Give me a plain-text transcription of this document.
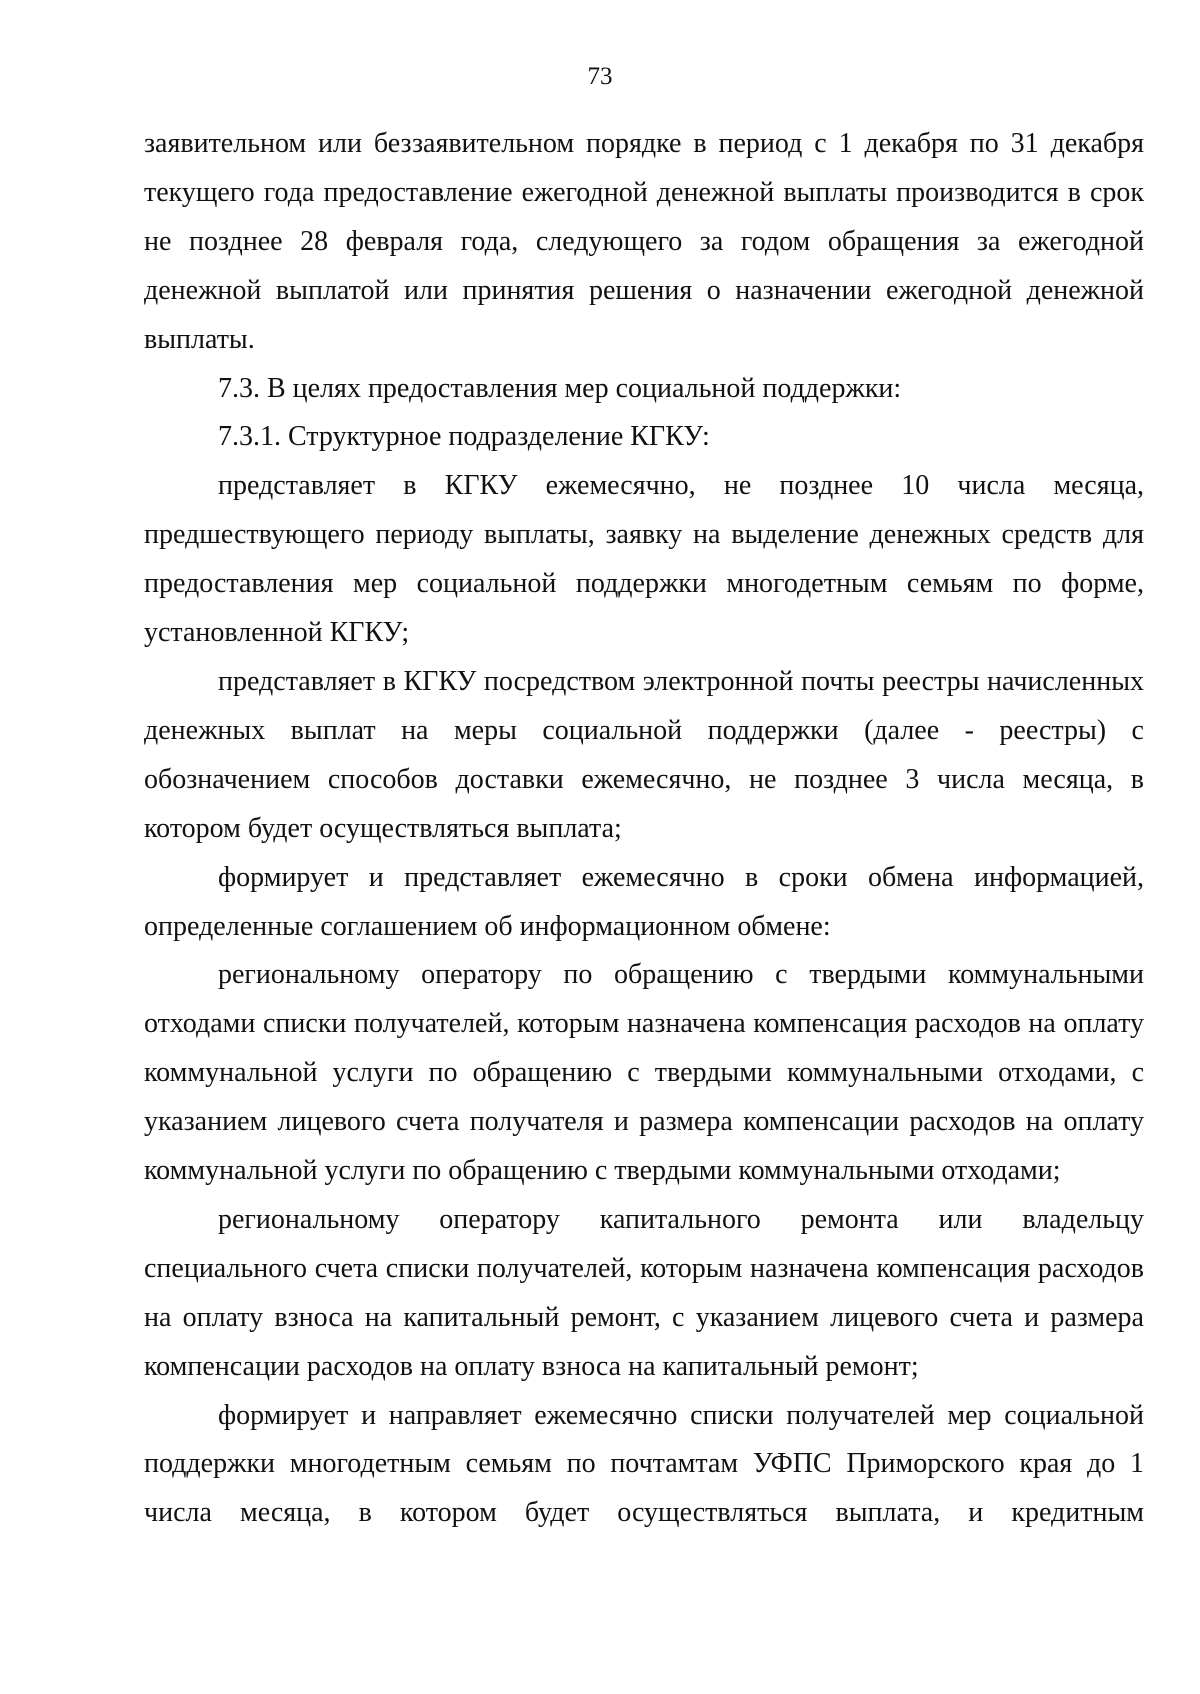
73

заявительном или беззаявительном порядке в период с 1 декабря по 31 декабря текущего года предоставление ежегодной денежной выплаты производится в срок не позднее 28 февраля года, следующего за годом обращения за ежегодной денежной выплатой или принятия решения о назначении ежегодной денежной выплаты.

7.3. В целях предоставления мер социальной поддержки:

7.3.1. Структурное подразделение КГКУ:

представляет в КГКУ ежемесячно, не позднее 10 числа месяца, предшествующего периоду выплаты, заявку на выделение денежных средств для предоставления мер социальной поддержки многодетным семьям по форме, установленной КГКУ;

представляет в КГКУ посредством электронной почты реестры начисленных денежных выплат на меры социальной поддержки (далее - реестры) с обозначением способов доставки ежемесячно, не позднее 3 числа месяца, в котором будет осуществляться выплата;

формирует и представляет ежемесячно в сроки обмена информацией, определенные соглашением об информационном обмене:

региональному оператору по обращению с твердыми коммунальными отходами списки получателей, которым назначена компенсация расходов на оплату коммунальной услуги по обращению с твердыми коммунальными отходами, с указанием лицевого счета получателя и размера компенсации расходов на оплату коммунальной услуги по обращению с твердыми коммунальными отходами;

региональному оператору капитального ремонта или владельцу специального счета списки получателей, которым назначена компенсация расходов на оплату взноса на капитальный ремонт, с указанием лицевого счета и размера компенсации расходов на оплату взноса на капитальный ремонт;

формирует и направляет ежемесячно списки получателей мер социальной поддержки многодетным семьям по почтамтам УФПС Приморского края до 1 числа месяца, в котором будет осуществляться выплата, и кредитным
